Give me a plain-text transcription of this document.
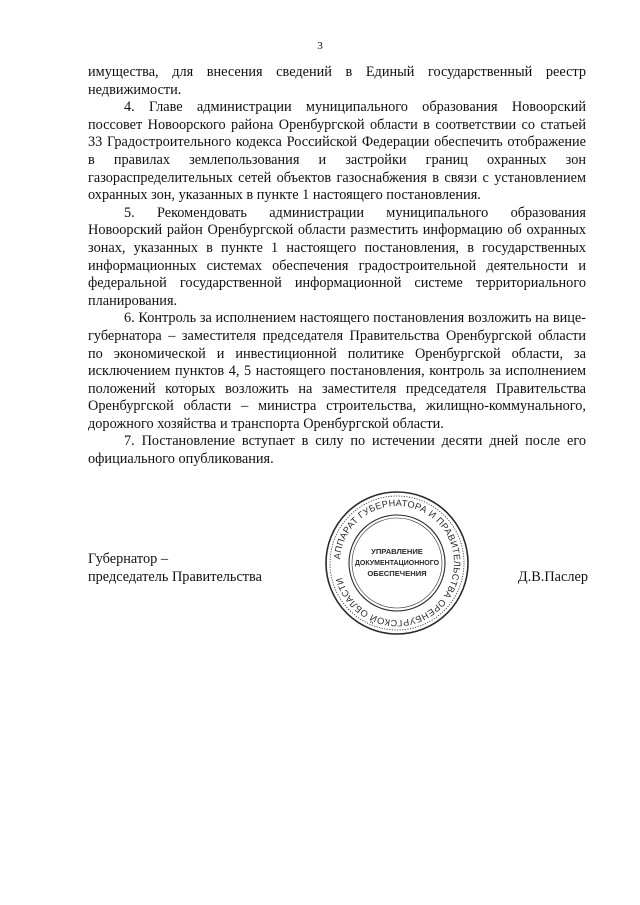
3

имущества, для внесения сведений в Единый государственный реестр недвижимости.

4. Главе администрации муниципального образования Новоорский поссовет Новоорского района Оренбургской области в соответствии со статьей 33 Градостроительного кодекса Российской Федерации обеспечить отображение в правилах землепользования и застройки границ охранных зон газораспределительных сетей объектов газоснабжения в связи с установлением охранных зон, указанных в пункте 1 настоящего постановления.

5. Рекомендовать администрации муниципального образования Новоорский район Оренбургской области разместить информацию об охранных зонах, указанных в пункте 1 настоящего постановления, в государственных информационных системах обеспечения градостроительной деятельности и федеральной государственной информационной системе территориального планирования.

6. Контроль за исполнением настоящего постановления возложить на вице-губернатора – заместителя председателя Правительства Оренбургской области по экономической и инвестиционной политике Оренбургской области, за исключением пунктов 4, 5 настоящего постановления, контроль за исполнением положений которых возложить на заместителя председателя Правительства Оренбургской области – министра строительства, жилищно-коммунального, дорожного хозяйства и транспорта Оренбургской области.

7. Постановление вступает в силу по истечении десяти дней после его официального опубликования.

Губернатор –
председатель Правительства	Д.В.Паслер
АППАРАТ ГУБЕРНАТОРА И ПРАВИТЕЛЬСТВА ОРЕНБУРГСКОЙ ОБЛАСТИ
УПРАВЛЕНИЕ
ДОКУМЕНТАЦИОННОГО
ОБЕСПЕЧЕНИЯ
